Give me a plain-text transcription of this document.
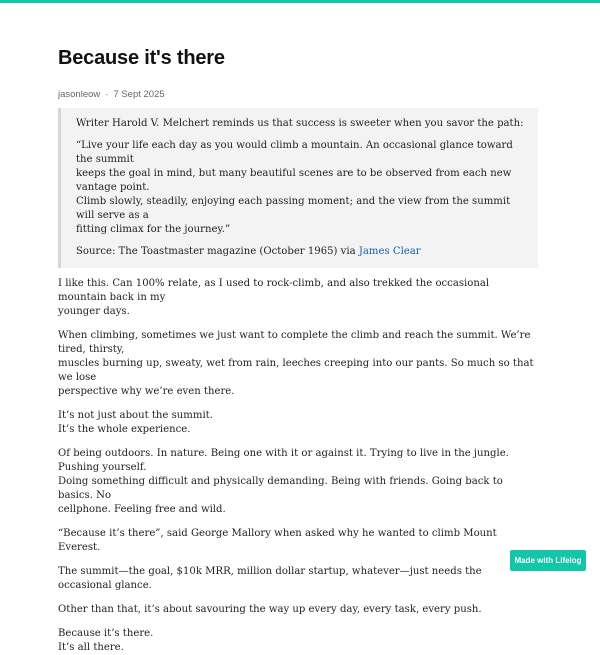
Because it's there
jasonleow · 7 Sept 2025

Writer Harold V. Melchert reminds us that success is sweeter when you savor the path:

“Live your life each day as you would climb a mountain. An occasional glance toward the summit
keeps the goal in mind, but many beautiful scenes are to be observed from each new vantage point.
Climb slowly, steadily, enjoying each passing moment; and the view from the summit will serve as a
fitting climax for the journey.”

Source: The Toastmaster magazine (October 1965) via James Clear

I like this. Can 100% relate, as I used to rock-climb, and also trekked the occasional mountain back in my
younger days.

When climbing, sometimes we just want to complete the climb and reach the summit. We’re tired, thirsty,
muscles burning up, sweaty, wet from rain, leeches creeping into our pants. So much so that we lose
perspective why we’re even there.

It’s not just about the summit.
It’s the whole experience.

Of being outdoors. In nature. Being one with it or against it. Trying to live in the jungle. Pushing yourself.
Doing something difficult and physically demanding. Being with friends. Going back to basics. No
cellphone. Feeling free and wild.

“Because it’s there”, said George Mallory when asked why he wanted to climb Mount Everest.

The summit—the goal, $10k MRR, million dollar startup, whatever—just needs the occasional glance.

Other than that, it’s about savouring the way up every day, every task, every push.

Because it’s there.
It’s all there.

Made with Lifelog
